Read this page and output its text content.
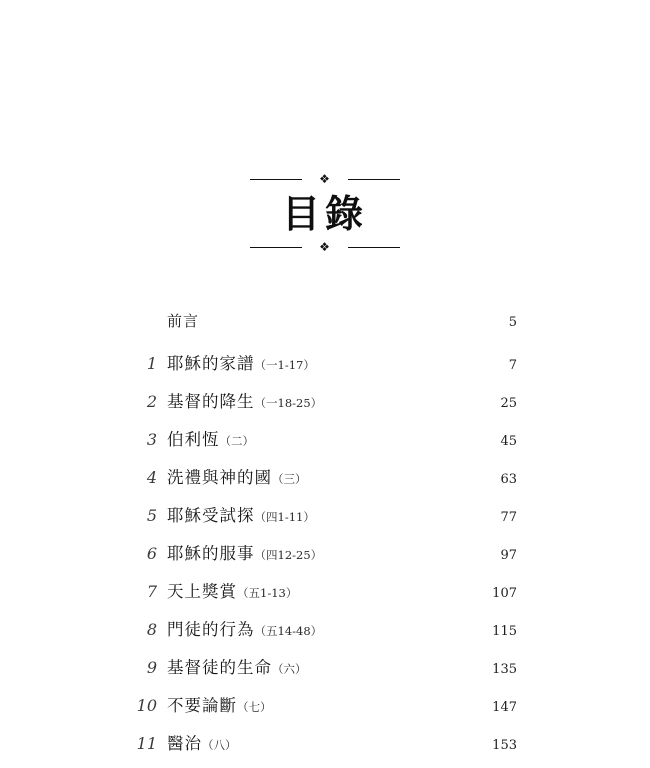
❖
目錄
❖
前言	5
1 耶穌的家譜（一1-17）	7
2 基督的降生（一18-25）	25
3 伯利恆（二）	45
4 洗禮與神的國（三）	63
5 耶穌受試探（四1-11）	77
6 耶穌的服事（四12-25）	97
7 天上獎賞（五1-13）	107
8 門徒的行為（五14-48）	115
9 基督徒的生命（六）	135
10 不要論斷（七）	147
11 醫治（八）	153
